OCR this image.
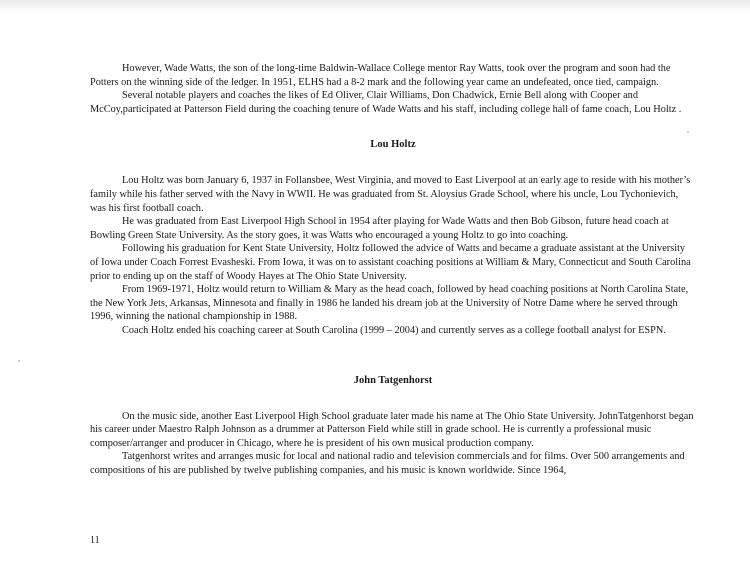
However, Wade Watts, the son of the long-time Baldwin-Wallace College mentor Ray Watts, took over the program and soon had the Potters on the winning side of the ledger. In 1951, ELHS had a 8-2 mark and the following year came an undefeated, once tied, campaign.

Several notable players and coaches the likes of Ed Oliver, Clair Williams, Don Chadwick, Ernie Bell along with Cooper and McCoy,participated at Patterson Field during the coaching tenure of Wade Watts and his staff, including college hall of fame coach, Lou Holtz .

Lou Holtz

Lou Holtz was born January 6, 1937 in Follansbee, West Virginia, and moved to East Liverpool at an early age to reside with his mother’s family while his father served with the Navy in WWII. He was graduated from St. Aloysius Grade School, where his uncle, Lou Tychonievich, was his first football coach.

He was graduated from East Liverpool High School in 1954 after playing for Wade Watts and then Bob Gibson, future head coach at Bowling Green State University. As the story goes, it was Watts who encouraged a young Holtz to go into coaching.

Following his graduation for Kent State University, Holtz followed the advice of Watts and became a graduate assistant at the University of Iowa under Coach Forrest Evasheski. From Iowa, it was on to assistant coaching positions at William & Mary, Connecticut and South Carolina prior to ending up on the staff of Woody Hayes at The Ohio State University.

From 1969-1971, Holtz would return to William & Mary as the head coach, followed by head coaching positions at North Carolina State, the New York Jets, Arkansas, Minnesota and finally in 1986 he landed his dream job at the University of Notre Dame where he served through 1996, winning the national championship in 1988.

Coach Holtz ended his coaching career at South Carolina (1999 – 2004) and currently serves as a college football analyst for ESPN.

John Tatgenhorst

On the music side, another East Liverpool High School graduate later made his name at The Ohio State University. JohnTatgenhorst began his career under Maestro Ralph Johnson as a drummer at Patterson Field while still in grade school. He is currently a professional music composer/arranger and producer in Chicago, where he is president of his own musical production company.

Tatgenhorst writes and arranges music for local and national radio and television commercials and for films. Over 500 arrangements and compositions of his are published by twelve publishing companies, and his music is known worldwide. Since 1964,

11
